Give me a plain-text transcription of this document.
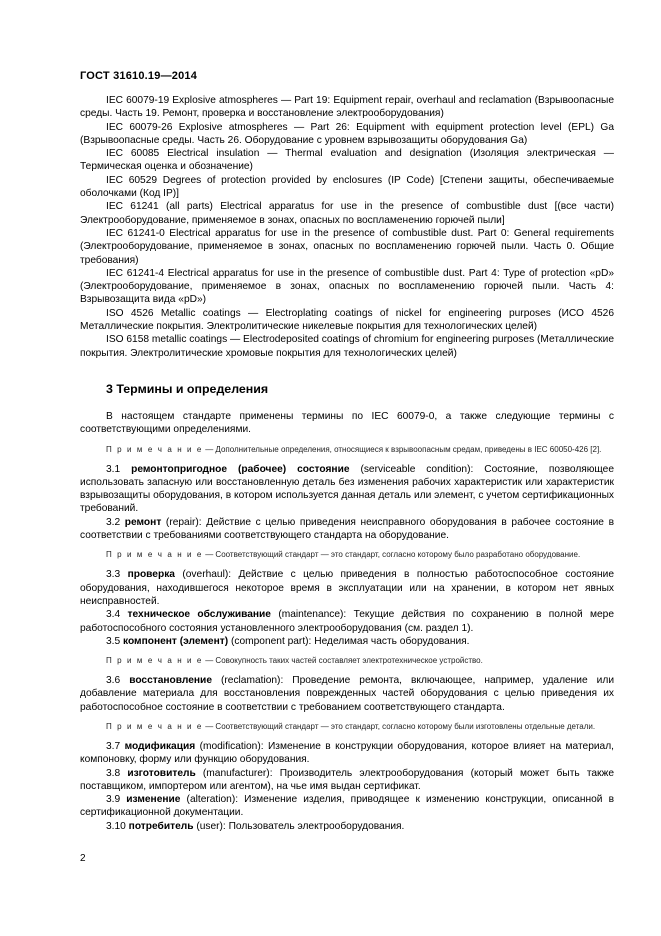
ГОСТ 31610.19—2014

IEC 60079-19 Explosive atmospheres — Part 19: Equipment repair, overhaul and reclamation (Взрывоопасные среды. Часть 19. Ремонт, проверка и восстановление электрооборудования)

IEC 60079-26 Explosive atmospheres — Part 26: Equipment with equipment protection level (EPL) Ga (Взрывоопасные среды. Часть 26. Оборудование с уровнем взрывозащиты оборудования Ga)

IEC 60085 Electrical insulation — Thermal evaluation and designation (Изоляция электрическая — Термическая оценка и обозначение)

IEC 60529 Degrees of protection provided by enclosures (IP Code) [Степени защиты, обеспечиваемые оболочками (Код IP)]

IEC 61241 (all parts) Electrical apparatus for use in the presence of combustible dust [(все части) Электрооборудование, применяемое в зонах, опасных по воспламенению горючей пыли]

IEC 61241-0 Electrical apparatus for use in the presence of combustible dust. Part 0: General requirements (Электрооборудование, применяемое в зонах, опасных по воспламенению горючей пыли. Часть 0. Общие требования)

IEC 61241-4 Electrical apparatus for use in the presence of combustible dust. Part 4: Type of protection «pD» (Электрооборудование, применяемое в зонах, опасных по воспламенению горючей пыли. Часть 4: Взрывозащита вида «pD»)

ISO 4526 Metallic coatings — Electroplating coatings of nickel for engineering purposes (ИСО 4526 Металлические покрытия. Электролитические никелевые покрытия для технологических целей)

ISO 6158 metallic coatings — Electrodeposited coatings of chromium for engineering purposes (Металлические покрытия. Электролитические хромовые покрытия для технологических целей)

3 Термины и определения

В настоящем стандарте применены термины по IEC 60079-0, а также следующие термины с соответствующими определениями.

П р и м е ч а н и е — Дополнительные определения, относящиеся к взрывоопасным средам, приведены в IEC 60050-426 [2].

3.1 ремонтопригодное (рабочее) состояние (serviceable condition): Состояние, позволяющее использовать запасную или восстановленную деталь без изменения рабочих характеристик или характеристик взрывозащиты оборудования, в котором используется данная деталь или элемент, с учетом сертификационных требований.

3.2 ремонт (repair): Действие с целью приведения неисправного оборудования в рабочее состояние в соответствии с требованиями соответствующего стандарта на оборудование.

П р и м е ч а н и е — Соответствующий стандарт — это стандарт, согласно которому было разработано оборудование.

3.3 проверка (overhaul): Действие с целью приведения в полностью работоспособное состояние оборудования, находившегося некоторое время в эксплуатации или на хранении, в котором нет явных неисправностей.

3.4 техническое обслуживание (maintenance): Текущие действия по сохранению в полной мере работоспособного состояния установленного электрооборудования (см. раздел 1).

3.5 компонент (элемент) (component part): Неделимая часть оборудования.

П р и м е ч а н и е — Совокупность таких частей составляет электротехническое устройство.

3.6 восстановление (reclamation): Проведение ремонта, включающее, например, удаление или добавление материала для восстановления поврежденных частей оборудования с целью приведения их работоспособное состояние в соответствии с требованием соответствующего стандарта.

П р и м е ч а н и е — Соответствующий стандарт — это стандарт, согласно которому были изготовлены отдельные детали.

3.7 модификация (modification): Изменение в конструкции оборудования, которое влияет на материал, компоновку, форму или функцию оборудования.

3.8 изготовитель (manufacturer): Производитель электрооборудования (который может быть также поставщиком, импортером или агентом), на чье имя выдан сертификат.

3.9 изменение (alteration): Изменение изделия, приводящее к изменению конструкции, описанной в сертификационной документации.

3.10 потребитель (user): Пользователь электрооборудования.

2
